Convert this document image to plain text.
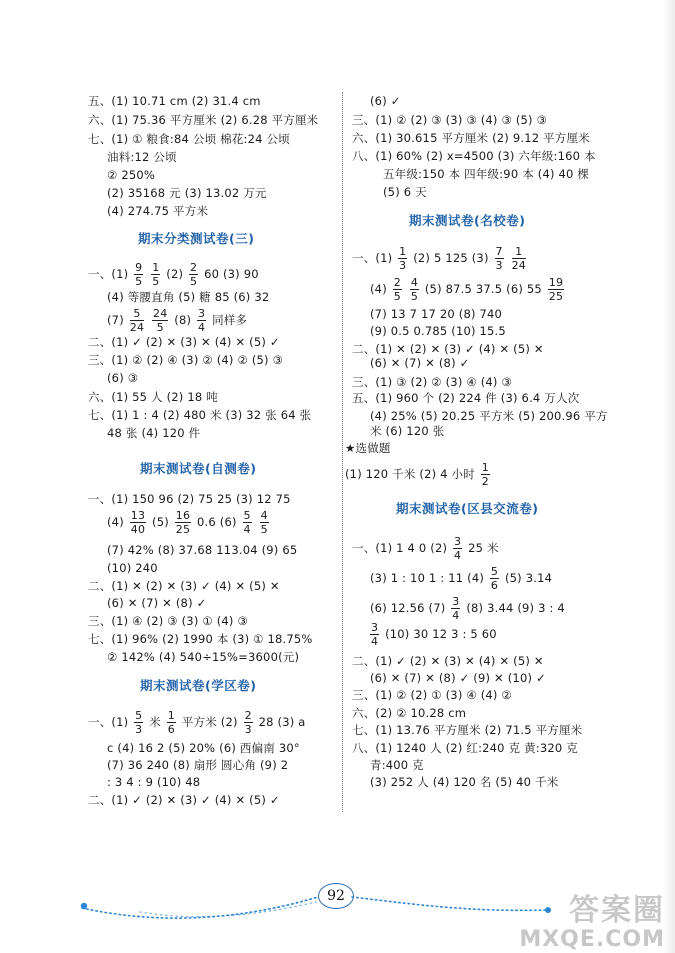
五、(1) 10.71 cm (2) 31.4 cm
六、(1) 75.36 平方厘米 (2) 6.28 平方厘米
七、(1) ① 粮食:84 公顷 棉花:24 公顷
油料:12 公顷
② 250%
(2) 35168 元 (3) 13.02 万元
(4) 274.75 平方米
期末分类测试卷(三)
一、$(1) \frac{9}{5}$
$\frac{1}{5} (2) \frac{2}{5} 60$ (3) 90
(4) 等腰直角 (5) 糖 85 (6) 32
$(7) \frac{5}{24}$
$\frac{24}{5} (8) \frac{3}{4}$ 同样多
二、(1) ✓ (2) ✕ (3) ✕ (4) ✕ (5) ✓
三、(1) ② (2) ④ (3) ② (4) ② (5) ③
(6) ③
六、(1) 55 人 (2) 18 吨
七、(1) 1 : 4 (2) 480 米 (3) 32 张 64 张
48 张 (4) 120 件
期末测试卷(自测卷)
一、(1) 150 96 (2) 75 25 (3) 12 75
$(4) \frac{13}{40} (5) \frac{16}{25} 0.6$ $(6) \frac{5}{4}$
$\frac{4}{5}$
(7) 42% (8) 37.68 113.04 (9) 65
(10) 240
二、(1) ✕ (2) ✕ (3) ✓ (4) ✕ (5) ✕
(6) ✕ (7) ✕ (8) ✓
三、(1) ④ (2) ③ (3) ① (4) ③
七、(1) 96% (2) 1990 本 (3) ① 18.75%
② 142% (4) 540÷15%=3600(元)
期末测试卷(学区卷)
一、$(1) \frac{5}{3}$ 米 $\frac{1}{6}$ 平方米 $(2) \frac{2}{3} 28$ (3) a
c (4) 16 2 (5) 20% (6) 西偏南 30°
(7) 36 240 (8) 扇形 圆心角 (9) 2
: 3 4 : 9 (10) 48
二、(1) ✓ (2) ✕ (3) ✓ (4) ✕ (5) ✓
(6) ✓
三、(1) ② (2) ③ (3) ③ (4) ③ (5) ③
六、(1) 30.615 平方厘米 (2) 9.12 平方厘米
八、(1) 60% (2) x=4500 (3) 六年级:160 本
五年级:150 本 四年级:90 本 (4) 40 棵
(5) 6 天
期末测试卷(名校卷)
一、$(1) \frac{1}{3} (2)$ 5 125 $(3) \frac{7}{3}$
$\frac{1}{24}$
$(4) \frac{2}{5}$
$\frac{4}{5} (5)$ 87.5 37.5 (6) $55 \frac{19}{25}$
(7) 13 7 17 20 (8) 740
(9) 0.5 0.785 (10) 15.5
二、(1) ✕ (2) ✕ (3) ✓ (4) ✕ (5) ✕
(6) ✕ (7) ✕ (8) ✓
三、(1) ③ (2) ② (3) ④ (4) ③
五、(1) 960 个 (2) 224 件 (3) 6.4 万人次
(4) 25% (5) 20.25 平方米 (5) 200.96 平方
米 (6) 120 张
★选做题
(1) 120 千米 (2) 4 小时 $\frac{1}{2}$
期末测试卷(区县交流卷)
一、(1) 1 4 0 $(2) \frac{3}{4} 25$ 米
(3) 1 : 10 1 : 11 $(4) \frac{5}{6} (5)$ 3.14
(6) 12.56 $(7) \frac{3}{4} (8)$ 3.44 (9) 3 : 4
$\frac{3}{4} (10)$ 30 12 3 : 5 60
二、(1) ✓ (2) ✕ (3) ✕ (4) ✕ (5) ✕
(6) ✕ (7) ✕ (8) ✓ (9) ✕ (10) ✓
三、(1) ② (2) ① (3) ④ (4) ②
六、(2) ② 10.28 cm
七、(1) 13.76 平方厘米 (2) 71.5 平方厘米
八、(1) 1240 人 (2) 红:240 克 黄:320 克
青:400 克
(3) 252 人 (4) 120 名 (5) 40 千米
92	答案圈
MXQE.COM
